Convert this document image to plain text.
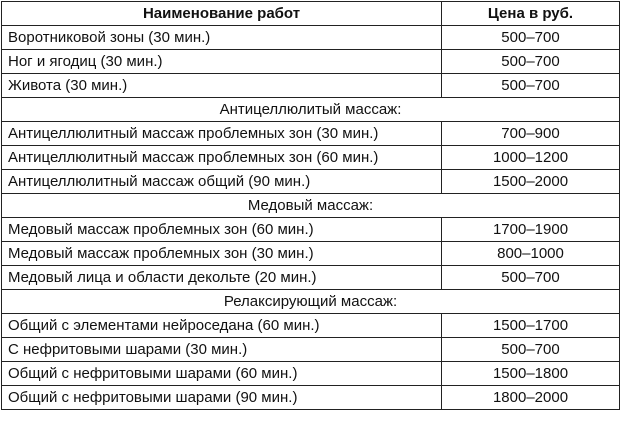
Наименование работ	Цена в руб.
Воротниковой зоны (30 мин.)	500–700
Ног и ягодиц (30 мин.)	500–700
Живота (30 мин.)	500–700
Антицеллюлитый массаж:	
Антицеллюлитный массаж проблемных зон (30 мин.)	700–900
Антицеллюлитный массаж проблемных зон (60 мин.)	1000–1200
Антицеллюлитный массаж общий (90 мин.)	1500–2000
Медовый массаж:	
Медовый массаж проблемных зон (60 мин.)	1700–1900
Медовый массаж проблемных зон (30 мин.)	800–1000
Медовый лица и области декольте (20 мин.)	500–700
Релаксирующий массаж:	
Общий с элементами нейроседана (60 мин.)	1500–1700
С нефритовыми шарами (30 мин.)	500–700
Общий с нефритовыми шарами (60 мин.)	1500–1800
Общий с нефритовыми шарами (90 мин.)	1800–2000
